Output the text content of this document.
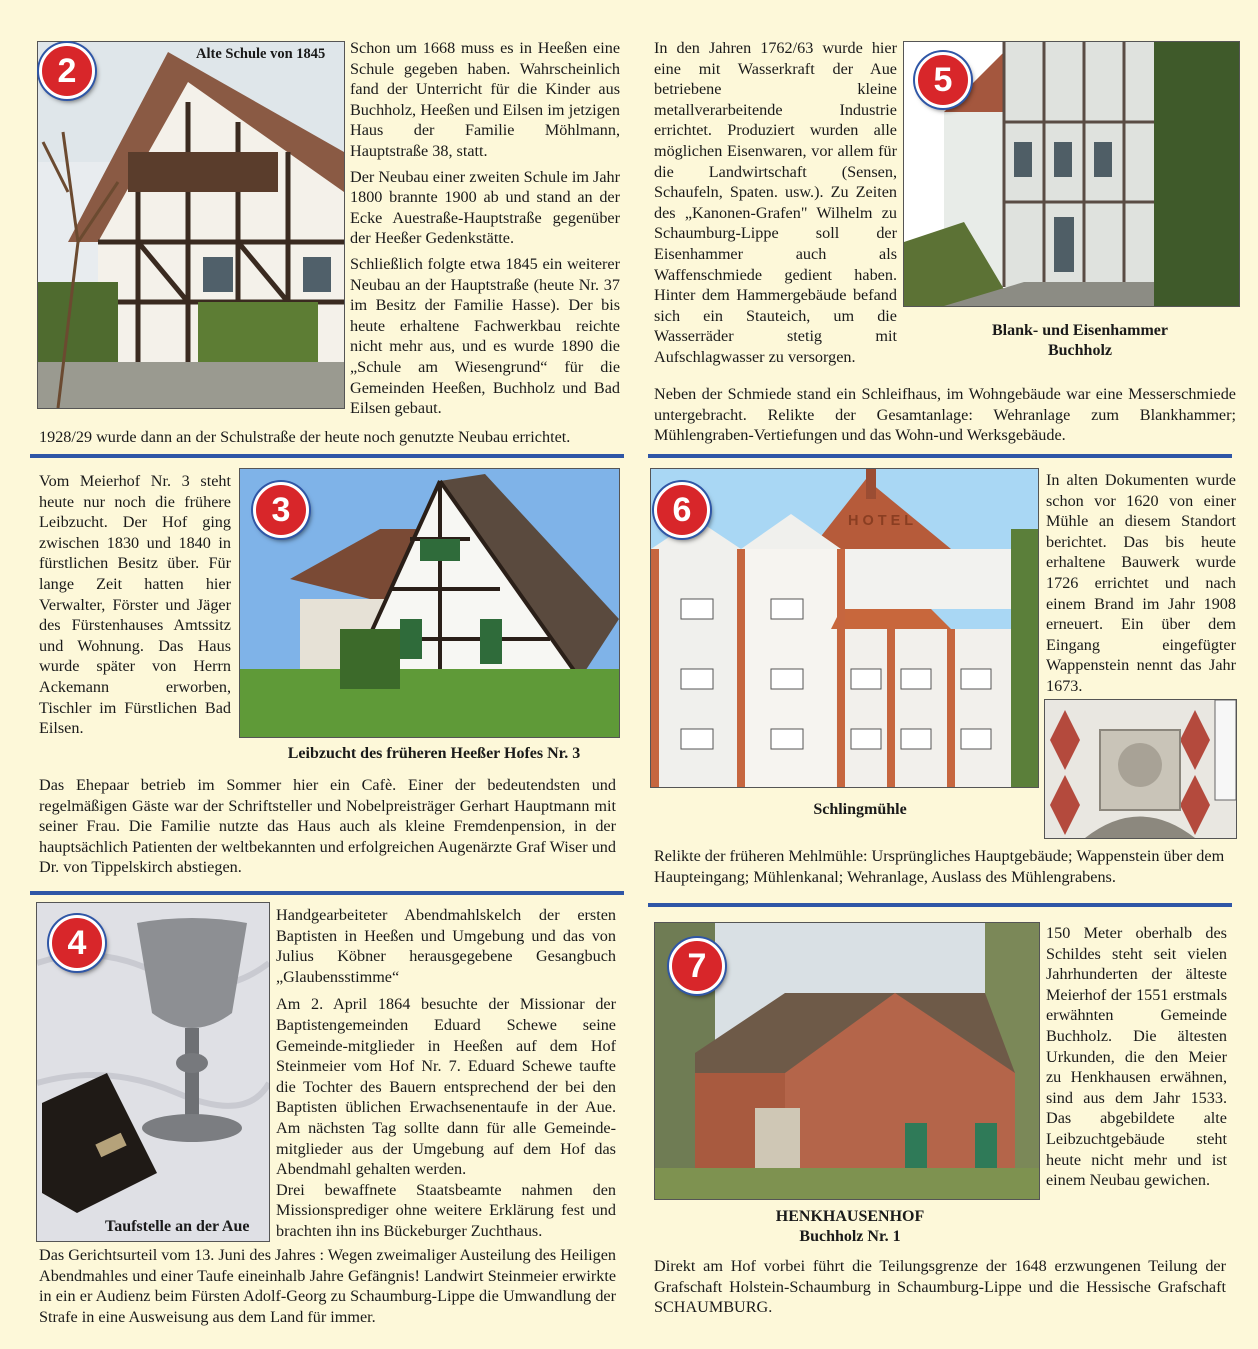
Alte Schule von 1845
2

Schon um 1668 muss es in Heeßen eine Schule gegeben haben. Wahrscheinlich fand der Unterricht für die Kinder aus Buchholz, Heeßen und Eilsen im jetzigen Haus der Familie Möhlmann, Hauptstraße 38, statt.

Der Neubau einer zweiten Schule im Jahr 1800 brannte 1900 ab und stand an der Ecke Auestraße-Hauptstraße gegenüber der Heeßer Gedenkstätte.

Schließlich folgte etwa 1845 ein weiterer Neubau an der Hauptstraße (heute Nr. 37 im Besitz der Familie Hasse). Der bis heute erhaltene Fachwerkbau reichte nicht mehr aus, und es wurde 1890 die „Schule am Wiesengrund“ für die Gemeinden Heeßen, Buchholz und Bad Eilsen gebaut.

1928/29 wurde dann an der Schulstraße der heute noch genutzte Neubau errichtet.
In den Jahren 1762/63 wurde hier eine mit Wasserkraft der Aue betriebene kleine metallverarbeitende Industrie errichtet. Produziert wurden alle möglichen Eisenwaren, vor allem für die Landwirtschaft (Sensen, Schaufeln, Spaten. usw.). Zu Zeiten des „Kanonen-Grafen" Wilhelm zu Schaumburg-Lippe soll der Eisenhammer auch als Waffenschmiede gedient haben. Hinter dem Hammergebäude befand sich ein Stauteich, um die Wasserräder stetig mit Aufschlagwasser zu versorgen.
5
Blank- und Eisenhammer
Buchholz
Neben der Schmiede stand ein Schleifhaus, im Wohngebäude war eine Messerschmiede untergebracht. Relikte der Gesamtanlage: Wehranlage zum Blankhammer; Mühlengraben-Vertiefungen und das Wohn-und Werksgebäude.
Vom Meierhof Nr. 3 steht heute nur noch die frühere Leibzucht. Der Hof ging zwischen 1830 und 1840 in fürstlichen Besitz über. Für lange Zeit hatten hier Verwalter, Förster und Jäger des Fürstenhauses Amtssitz und Wohnung. Das Haus wurde später von Herrn Ackemann erworben, Tischler im Fürstlichen Bad Eilsen.
3
Leibzucht des früheren Heeßer Hofes Nr. 3
Das Ehepaar betrieb im Sommer hier ein Cafè. Einer der bedeutendsten und regelmäßigen Gäste war der Schriftsteller und Nobelpreisträger Gerhart Hauptmann mit seiner Frau. Die Familie nutzte das Haus auch als kleine Fremdenpension, in der hauptsächlich Patienten der weltbekannten und erfolgreichen Augenärzte Graf Wiser und Dr. von Tippelskirch abstiegen.
HOTEL
6
In alten Dokumenten wurde schon vor 1620 von einer Mühle an diesem Standort berichtet. Das bis heute erhaltene Bauwerk wurde 1726 errichtet und nach einem Brand im Jahr 1908 erneuert. Ein über dem Eingang eingefügter Wappenstein nennt das Jahr 1673.
Schlingmühle
Relikte der früheren Mehlmühle: Ursprüngliches Hauptgebäude; Wappenstein über dem Haupteingang; Mühlenkanal; Wehranlage, Auslass des Mühlengrabens.
4
Taufstelle an der Aue

Handgearbeiteter Abendmahlskelch der ersten Baptisten in Heeßen und Umgebung und das von Julius Köbner herausgegebene Gesangbuch „Glaubensstimme“

Am 2. April 1864 besuchte der Missionar der Baptistengemeinden Eduard Schewe seine Gemeinde-mitglieder in Heeßen auf dem Hof Steinmeier vom Hof Nr. 7. Eduard Schewe taufte die Tochter des Bauern entsprechend der bei den Baptisten üblichen Erwachsenentaufe in der Aue. Am nächsten Tag sollte dann für alle Gemeinde-mitglieder aus der Umgebung auf dem Hof das Abendmahl gehalten werden.

Drei bewaffnete Staatsbeamte nahmen den Missionsprediger ohne weitere Erklärung fest und brachten ihn ins Bückeburger Zuchthaus.

Das Gerichtsurteil vom 13. Juni des Jahres : Wegen zweimaliger Austeilung des Heiligen Abendmahles und einer Taufe eineinhalb Jahre Gefängnis! Landwirt Steinmeier erwirkte in ein er Audienz beim Fürsten Adolf-Georg zu Schaumburg-Lippe die Umwandlung der Strafe in eine Ausweisung aus dem Land für immer.
7
150 Meter oberhalb des Schildes steht seit vielen Jahrhunderten der älteste Meierhof der 1551 erstmals erwähnten Gemeinde Buchholz. Die ältesten Urkunden, die den Meier zu Henkhausen erwähnen, sind aus dem Jahr 1533. Das abgebildete alte Leibzuchtgebäude steht heute nicht mehr und ist einem Neubau gewichen.
HENKHAUSENHOF
Buchholz Nr. 1
Direkt am Hof vorbei führt die Teilungsgrenze der 1648 erzwungenen Teilung der Grafschaft Holstein-Schaumburg in Schaumburg-Lippe und die Hessische Grafschaft SCHAUMBURG.
